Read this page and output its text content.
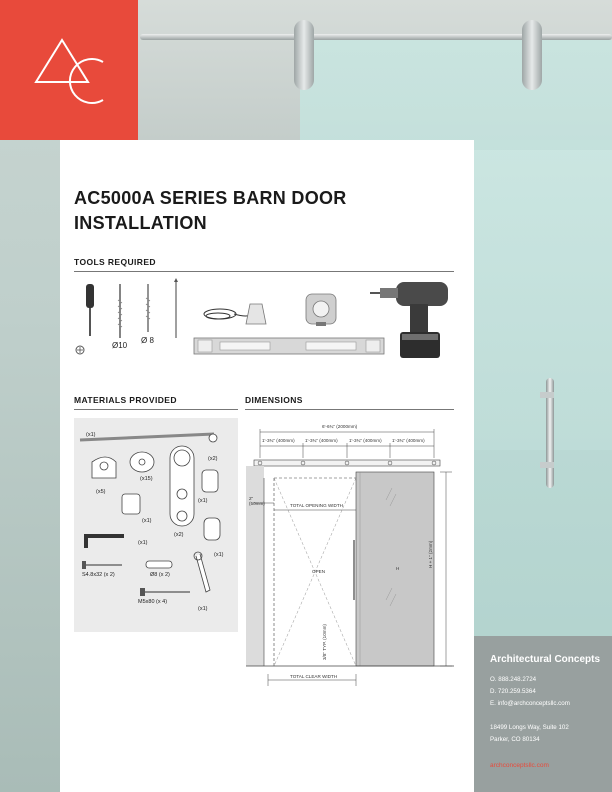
AC5000A SERIES BARN DOOR
INSTALLATION
TOOLS REQUIRED
Ø10
Ø 8
MATERIALS PROVIDED
(x1)
(x2)
(x15)
(x5)
(x1)
(x1)
(x2)
(x1)
(x1)
S4.8x32 (x 2)	Ø8 (x 2)
M5x80 (x 4)
(x1)
DIMENSIONS
6'-6¾" (2000mm)
1'-3¾" (400mm) 1'-3¾" (400mm) 1'-3¾" (400mm) 1'-3¾" (400mm)
2" (50mm)	TOTAL OPENING WIDTH
OPEN
H
H + 1" (2mm)
3/8" TYP. (10mm)
TOTAL CLEAR WIDTH
Architectural Concepts
O. 888.248.2724
D. 720.259.5364
E. info@archconceptsllc.com
18499 Longs Way, Suite 102
Parker, CO 80134
archconceptsllc.com
